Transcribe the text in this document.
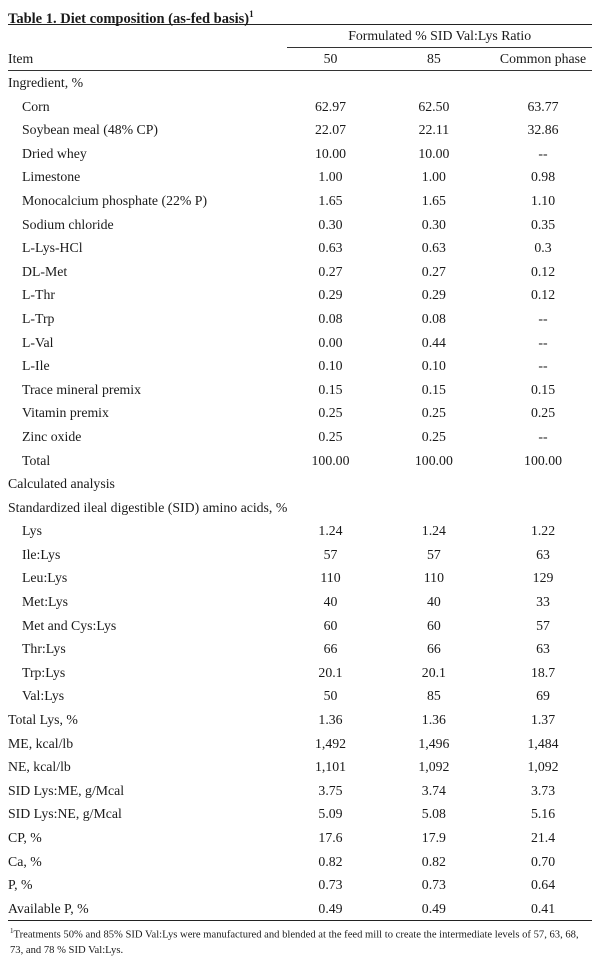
Table 1. Diet composition (as-fed basis)$^1$
	Formulated % SID Val:Lys Ratio		
Item	50	85	Common phase
Ingredient, %			
Corn	62.97	62.50	63.77
Soybean meal (48% CP)	22.07	22.11	32.86
Dried whey	10.00	10.00	--
Limestone	1.00	1.00	0.98
Monocalcium phosphate (22% P)	1.65	1.65	1.10
Sodium chloride	0.30	0.30	0.35
L-Lys-HCl	0.63	0.63	0.3
DL-Met	0.27	0.27	0.12
L-Thr	0.29	0.29	0.12
L-Trp	0.08	0.08	--
L-Val	0.00	0.44	--
L-Ile	0.10	0.10	--
Trace mineral premix	0.15	0.15	0.15
Vitamin premix	0.25	0.25	0.25
Zinc oxide	0.25	0.25	--
Total	100.00	100.00	100.00
Calculated analysis			
Standardized ileal digestible (SID) amino acids, %			
Lys	1.24	1.24	1.22
Ile:Lys	57	57	63
Leu:Lys	110	110	129
Met:Lys	40	40	33
Met and Cys:Lys	60	60	57
Thr:Lys	66	66	63
Trp:Lys	20.1	20.1	18.7
Val:Lys	50	85	69
Total Lys, %	1.36	1.36	1.37
ME, kcal/lb	1,492	1,496	1,484
NE, kcal/lb	1,101	1,092	1,092
SID Lys:ME, g/Mcal	3.75	3.74	3.73
SID Lys:NE, g/Mcal	5.09	5.08	5.16
CP, %	17.6	17.9	21.4
Ca, %	0.82	0.82	0.70
P, %	0.73	0.73	0.64
Available P, %	0.49	0.49	0.41
$^1$Treatments 50% and 85% SID Val:Lys were manufactured and blended at the feed mill to create the intermediate levels of 57, 63, 68, 73, and 78 % SID Val:Lys.
